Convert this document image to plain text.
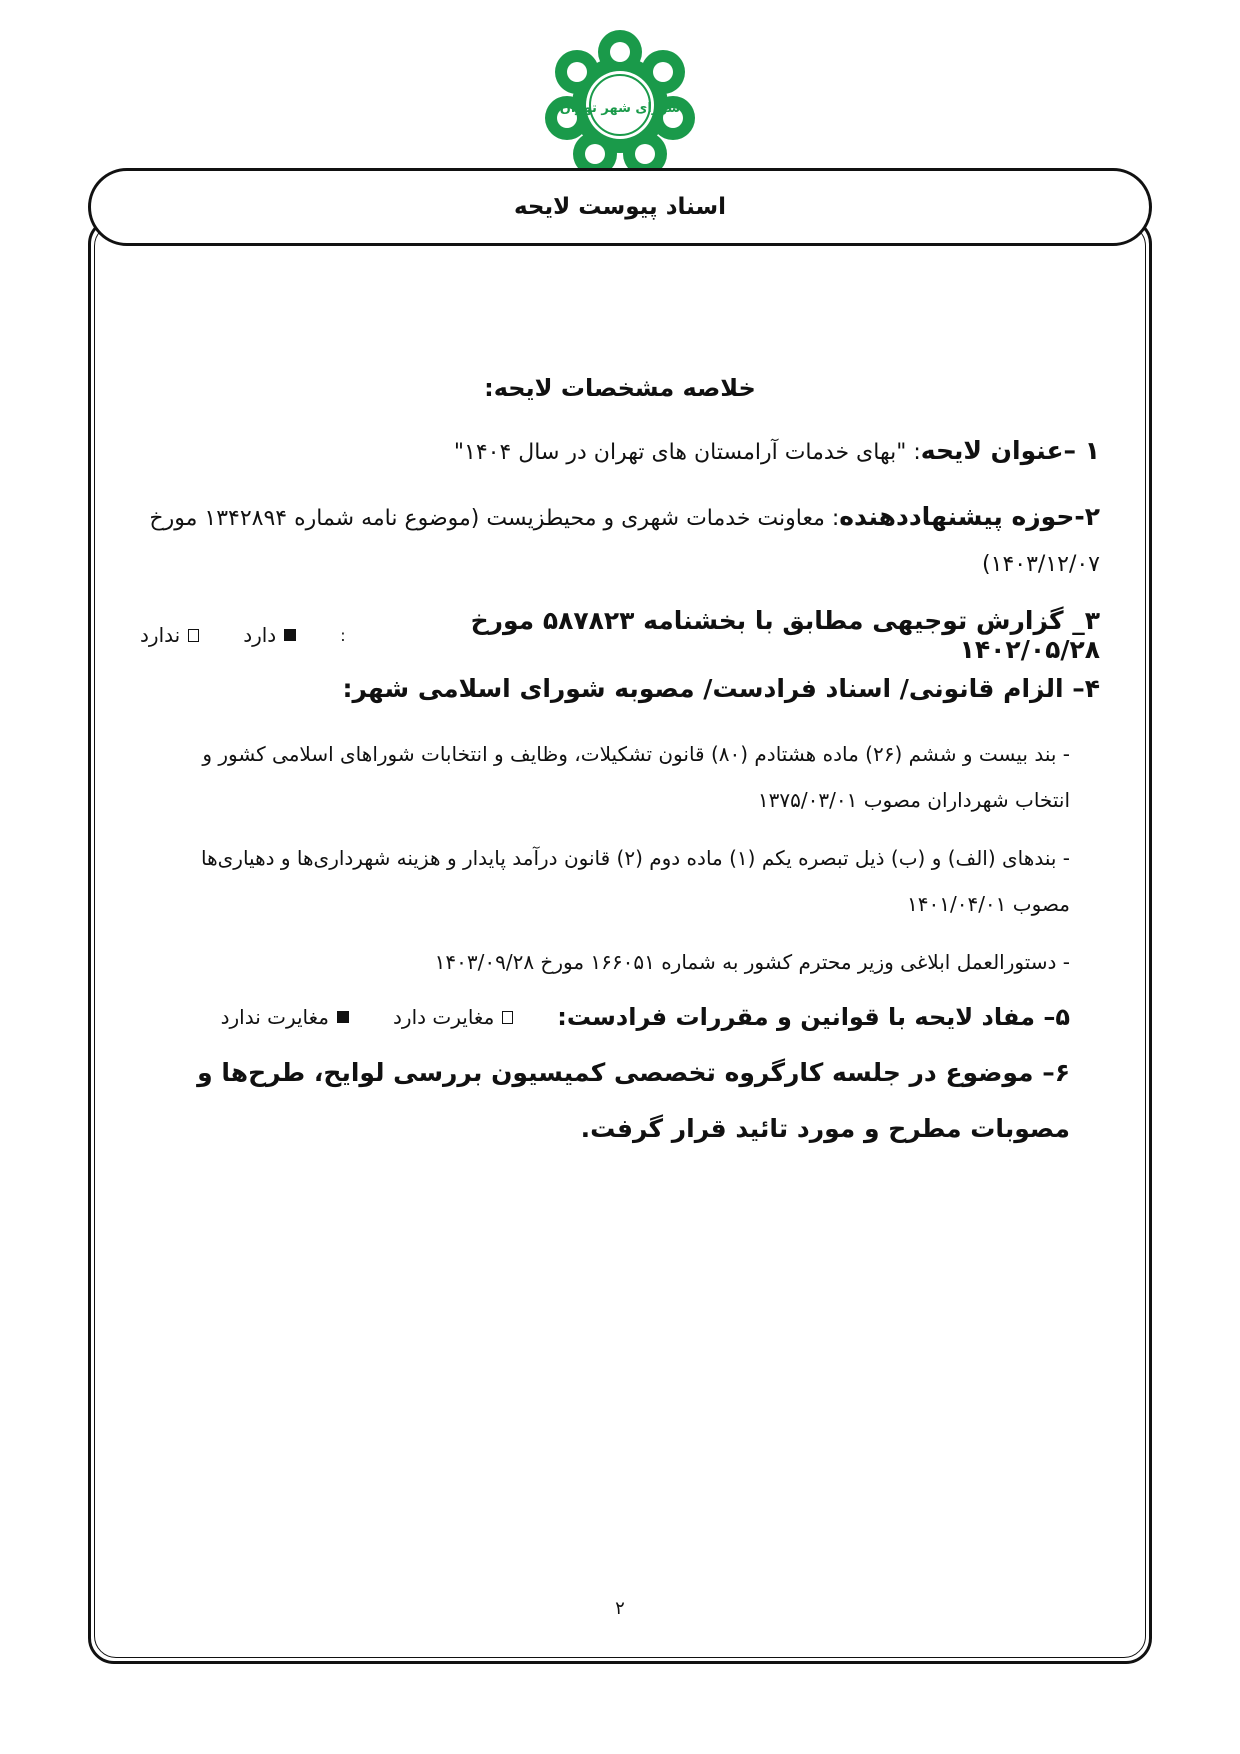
شورای شهر تهران
اسناد پیوست لایحه
خلاصه مشخصات لایحه:
۱ –عنوان لایحه: "بهای خدمات آرامستان های تهران در سال ۱۴۰۴"
۲-حوزه پیشنهاددهنده: معاونت خدمات شهری و محیطزیست (موضوع نامه شماره ۱۳۴۲۸۹۴ مورخ ۱۴۰۳/۱۲/۰۷)
۳_ گزارش توجیهی مطابق با بخشنامه ۵۸۷۸۲۳ مورخ ۱۴۰۲/۰۵/۲۸
:
دارد
ندارد
۴– الزام قانونی/ اسناد فرادست/ مصوبه شورای اسلامی شهر:
- بند بیست و ششم (۲۶) ماده هشتادم (۸۰) قانون تشکیلات، وظایف و انتخابات شوراهای اسلامی کشور و انتخاب شهرداران مصوب ۱۳۷۵/۰۳/۰۱
- بندهای (الف) و (ب) ذیل تبصره یکم (۱) ماده دوم (۲) قانون درآمد پایدار و هزینه شهرداری‌ها و دهیاری‌ها مصوب ۱۴۰۱/۰۴/۰۱
- دستورالعمل ابلاغی وزیر محترم کشور به شماره ۱۶۶۰۵۱ مورخ ۱۴۰۳/۰۹/۲۸
۵– مفاد لایحه با قوانین و مقررات فرادست:
مغایرت دارد
مغایرت ندارد
۶– موضوع در جلسه کارگروه تخصصی کمیسیون بررسی لوایح، طرح‌ها و مصوبات مطرح و مورد تائید قرار گرفت.
۲
